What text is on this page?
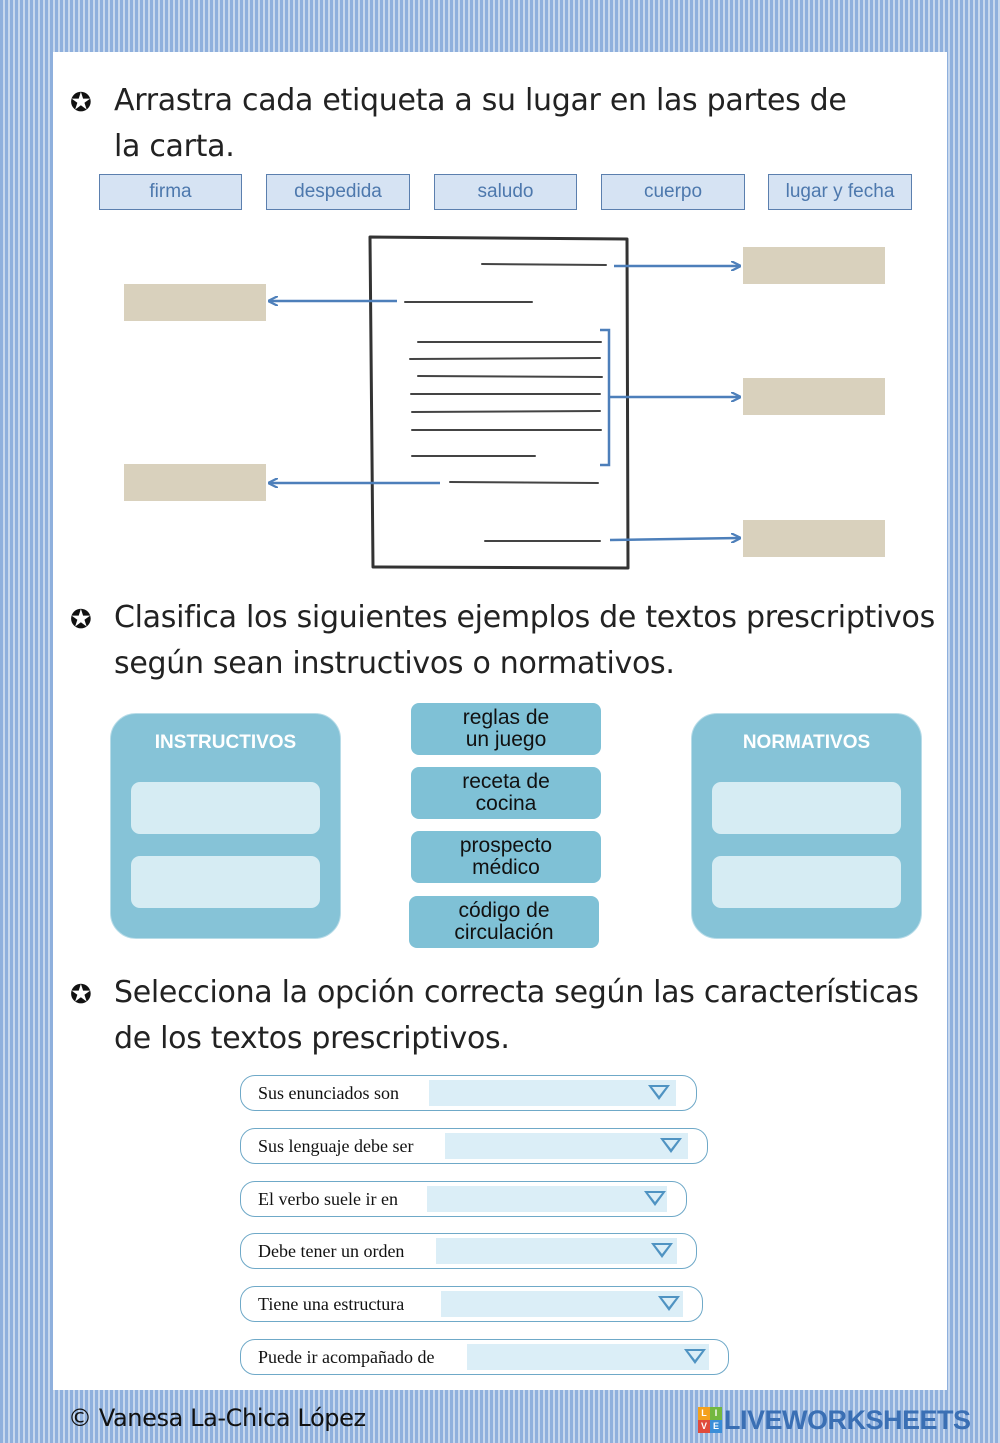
✪ Arrastra cada etiqueta a su lugar en las partes de
la carta.
firma	despedida	saludo	cuerpo	lugar y fecha
✪ Clasifica los siguientes ejemplos de textos prescriptivos
según sean instructivos o normativos.
INSTRUCTIVOS	NORMATIVOS
reglas de
un juego
receta de
cocina
prospecto
médico
código de
circulación
✪ Selecciona la opción correcta según las características
de los textos prescriptivos.
Sus enunciados son
Sus lenguaje debe ser
El verbo suele ir en
Debe tener un orden
Tiene una estructura
Puede ir acompañado de
© Vanesa La-Chica López	L I
V E LIVEWORKSHEETS
